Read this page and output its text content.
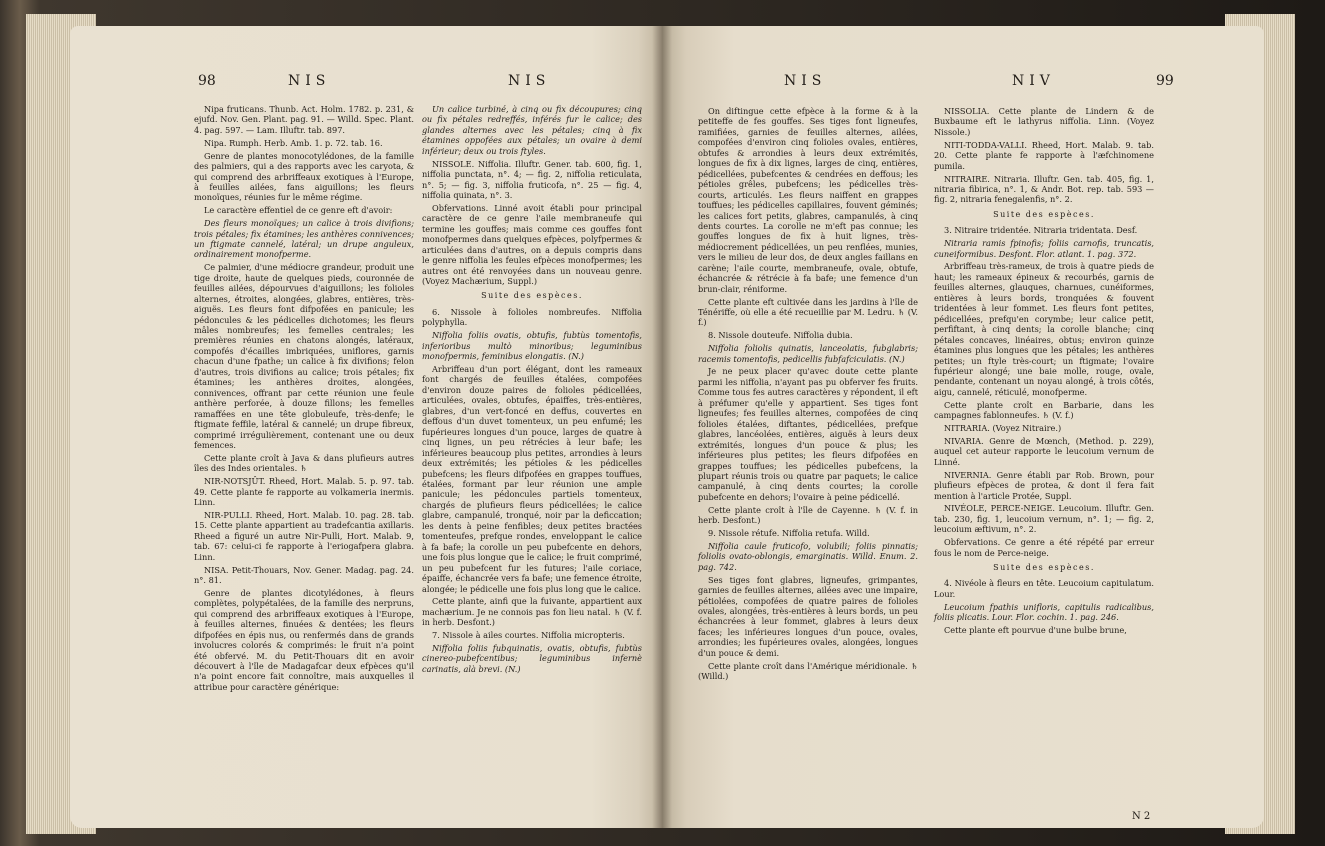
98	NIS	NIS

Nipa fruticans. Thunb. Act. Holm. 1782. p. 231, & ejufd. Nov. Gen. Plant. pag. 91. — Willd. Spec. Plant. 4. pag. 597. — Lam. Illuftr. tab. 897.

Nipa. Rumph. Herb. Amb. 1. p. 72. tab. 16.

Genre de plantes monocotylédones, de la famille des palmiers, qui a des rapports avec les caryota, & qui comprend des arbriffeaux exotiques à l'Europe, à feuilles ailées, fans aiguillons; les fleurs monoïques, réunies fur le même régime.

Le caractère effentiel de ce genre eft d'avoir:

Des fleurs monoïques; un calice à trois divifions; trois pétales; fix étamines; les anthères connivences; un ftigmate cannelé, latéral; un drupe anguleux, ordinairement monofperme.

Ce palmier, d'une médiocre grandeur, produit une tige droite, haute de quelques pieds, couronnée de feuilles ailées, dépourvues d'aiguillons; les folioles alternes, étroites, alongées, glabres, entières, très-aiguës. Les fleurs font difpofées en panicule; les pédoncules & les pédicelles dichotomes; les fleurs mâles nombreufes; les femelles centrales; les premières réunies en chatons alongés, latéraux, compofés d'écailles imbriquées, uniflores, garnis chacun d'une fpathe; un calice à fix divifions; felon d'autres, trois divifions au calice; trois pétales; fix étamines; les anthères droites, alongées, connivences, offrant par cette réunion une feule anthère perforée, à douze fillons; les femelles ramaffées en une tête globuleufe, très-denfe; le ftigmate feffile, latéral & cannelé; un drupe fibreux, comprimé irrégulièrement, contenant une ou deux femences.

Cette plante croît à Java & dans plufieurs autres îles des Indes orientales. ♄

NIR-NOTSJÛT. Rheed, Hort. Malab. 5. p. 97. tab. 49. Cette plante fe rapporte au volkameria inermis. Linn.

NIR-PULLI. Rheed, Hort. Malab. 10. pag. 28. tab. 15. Cette plante appartient au tradefcantia axillaris. Rheed a figuré un autre Nir-Pulli, Hort. Malab. 9, tab. 67: celui-ci fe rapporte à l'eriogafpera glabra. Linn.

NISA. Petit-Thouars, Nov. Gener. Madag. pag. 24. n°. 81.

Genre de plantes dicotylédones, à fleurs complètes, polypétalées, de la famille des nerpruns, qui comprend des arbriffeaux exotiques à l'Europe, à feuilles alternes, finuées & dentées; les fleurs difpofées en épis nus, ou renfermés dans de grands involucres colorés & comprimés: le fruit n'a point été obfervé. M. du Petit-Thouars dit en avoir découvert à l'île de Madagafcar deux efpèces qu'il n'a point encore fait connoître, mais auxquelles il attribue pour caractère générique:

Un calice turbiné, à cinq ou fix découpures; cinq ou fix pétales redreffés, inférés fur le calice; des glandes alternes avec les pétales; cinq à fix étamines oppofées aux pétales; un ovaire à demi inférieur; deux ou trois ftyles.

NISSOLE. Niffolia. Illuftr. Gener. tab. 600, fig. 1, niffolia punctata, n°. 4; — fig. 2, niffolia reticulata, n°. 5; — fig. 3, niffolia fruticofa, n°. 25 — fig. 4, niffolia quinata, n°. 3.

Obfervations. Linné avoit établi pour principal caractère de ce genre l'aile membraneufe qui termine les gouffes; mais comme ces gouffes font monofpermes dans quelques efpèces, polyfpermes & articulées dans d'autres, on a depuis compris dans le genre niffolia les feules efpèces monofpermes; les autres ont été renvoyées dans un nouveau genre. (Voyez Machærium, Suppl.)

Suite des espèces.

6. Nissole à folioles nombreufes. Niffolia polyphylla.

Niffolia foliis ovatis, obtufis, fubtùs tomentofis, inferioribus multò minoribus; leguminibus monofpermis, feminibus elongatis. (N.)

Arbriffeau d'un port élégant, dont les rameaux font chargés de feuilles étalées, compofées d'environ douze paires de folioles pédicellées, articulées, ovales, obtufes, épaiffes, très-entières, glabres, d'un vert-foncé en deffus, couvertes en deffous d'un duvet tomenteux, un peu enfumé; les fupérieures longues d'un pouce, larges de quatre à cinq lignes, un peu rétrécies à leur bafe; les inférieures beaucoup plus petites, arrondies à leurs deux extrémités; les pétioles & les pédicelles pubefcens; les fleurs difpofées en grappes touffues, étalées, formant par leur réunion une ample panicule; les pédoncules partiels tomenteux, chargés de plufieurs fleurs pédicellées; le calice glabre, campanulé, tronqué, noir par la deficcation; les dents à peine fenfibles; deux petites bractées tomenteufes, prefque rondes, enveloppant le calice à fa bafe; la corolle un peu pubefcente en dehors, une fois plus longue que le calice; le fruit comprimé, un peu pubefcent fur les futures; l'aile coriace, épaiffe, échancrée vers fa bafe; une femence étroite, alongée; le pédicelle une fois plus long que le calice.

Cette plante, ainfi que la fuivante, appartient aux machærium. Je ne connois pas fon lieu natal. ♄ (V. f. in herb. Desfont.)

7. Nissole à ailes courtes. Niffolia micropteris.

Niffolia foliis fubquinatis, ovatis, obtufis, fubtùs cinereo-pubefcentibus; leguminibus infernè carinatis, alà brevi. (N.)

NIS	NIV	99

On diftingue cette efpèce à la forme & à la petiteffe de fes gouffes. Ses tiges font ligneufes, ramifiées, garnies de feuilles alternes, ailées, compofées d'environ cinq folioles ovales, entières, obtufes & arrondies à leurs deux extrémités, longues de fix à dix lignes, larges de cinq, entières, pédicellées, pubefcentes & cendrées en deffous; les pétioles grêles, pubefcens; les pédicelles très-courts, articulés. Les fleurs naiffent en grappes touffues; les pédicelles capillaires, fouvent géminés; les calices fort petits, glabres, campanulés, à cinq dents courtes. La corolle ne m'eft pas connue; les gouffes longues de fix à huit lignes, très-médiocrement pédicellées, un peu renflées, munies, vers le milieu de leur dos, de deux angles faillans en carène; l'aile courte, membraneufe, ovale, obtufe, échancrée & rétrécie à fa bafe; une femence d'un brun-clair, réniforme.

Cette plante eft cultivée dans les jardins à l'île de Ténériffe, où elle a été recueillie par M. Ledru. ♄ (V. f.)

8. Nissole douteufe. Niffolia dubia.

Niffolia foliolis quinatis, lanceolatis, fubglabris; racemis tomentofis, pedicellis fubfafciculatis. (N.)

Je ne peux placer qu'avec doute cette plante parmi les niffolia, n'ayant pas pu obferver fes fruits. Comme tous fes autres caractères y répondent, il eft à préfumer qu'elle y appartient. Ses tiges font ligneufes; fes feuilles alternes, compofées de cinq folioles étalées, diftantes, pédicellées, prefque glabres, lancéolées, entières, aiguës à leurs deux extrémités, longues d'un pouce & plus; les inférieures plus petites; les fleurs difpofées en grappes touffues; les pédicelles pubefcens, la plupart réunis trois ou quatre par paquets; le calice campanulé, à cinq dents courtes; la corolle pubefcente en dehors; l'ovaire à peine pédicellé.

Cette plante croît à l'île de Cayenne. ♄ (V. f. in herb. Desfont.)

9. Nissole rétufe. Niffolia retufa. Willd.

Niffolia caule fruticofo, volubili; foliis pinnatis; foliolis ovato-oblongis, emarginatis. Willd. Enum. 2. pag. 742.

Ses tiges font glabres, ligneufes, grimpantes, garnies de feuilles alternes, ailées avec une impaire, pétiolées, compofées de quatre paires de folioles ovales, alongées, très-entières à leurs bords, un peu échancrées à leur fommet, glabres à leurs deux faces; les inférieures longues d'un pouce, ovales, arrondies; les fupérieures ovales, alongées, longues d'un pouce & demi.

Cette plante croît dans l'Amérique méridionale. ♄ (Willd.)

NISSOLIA. Cette plante de Lindern & de Buxbaume eft le lathyrus niffolia. Linn. (Voyez Nissole.)

NITI-TODDA-VALLI. Rheed, Hort. Malab. 9. tab. 20. Cette plante fe rapporte à l'æfchinomene pumila.

NITRAIRE. Nitraria. Illuftr. Gen. tab. 405, fig. 1, nitraria fibirica, n°. 1, & Andr. Bot. rep. tab. 593 — fig. 2, nitraria fenegalenfis, n°. 2.

Suite des espèces.

3. Nitraire tridentée. Nitraria tridentata. Desf.

Nitraria ramis fpinofis; foliis carnofis, truncatis, cuneiformibus. Desfont. Flor. atlant. 1. pag. 372.

Arbriffeau très-rameux, de trois à quatre pieds de haut; les rameaux épineux & recourbés, garnis de feuilles alternes, glauques, charnues, cunéiformes, entières à leurs bords, tronquées & fouvent tridentées à leur fommet. Les fleurs font petites, pédicellées, prefqu'en corymbe; leur calice petit, perfiftant, à cinq dents; la corolle blanche; cinq pétales concaves, linéaires, obtus; environ quinze étamines plus longues que les pétales; les anthères petites; un ftyle très-court; un ftigmate; l'ovaire fupérieur alongé; une baie molle, rouge, ovale, pendante, contenant un noyau alongé, à trois côtés, aigu, cannelé, réticulé, monofperme.

Cette plante croît en Barbarie, dans les campagnes fablonneufes. ♄ (V. f.)

NITRARIA. (Voyez Nitraire.)

NIVARIA. Genre de Mœnch, (Method. p. 229), auquel cet auteur rapporte le leucoium vernum de Linné.

NIVERNIA. Genre établi par Rob. Brown, pour plufieurs efpèces de protea, & dont il fera fait mention à l'article Protée, Suppl.

NIVÉOLE, PERCE-NEIGE. Leucoium. Illuftr. Gen. tab. 230, fig. 1, leucoium vernum, n°. 1; — fig. 2, leucoium æftivum, n°. 2.

Obfervations. Ce genre a été répété par erreur fous le nom de Perce-neige.

Suite des espèces.

4. Nivéole à fleurs en tête. Leucoium capitulatum. Lour.

Leucoium fpathis unifloris, capitulis radicalibus, foliis plicatis. Lour. Flor. cochin. 1. pag. 246.

Cette plante eft pourvue d'une bulbe brune,

N 2
